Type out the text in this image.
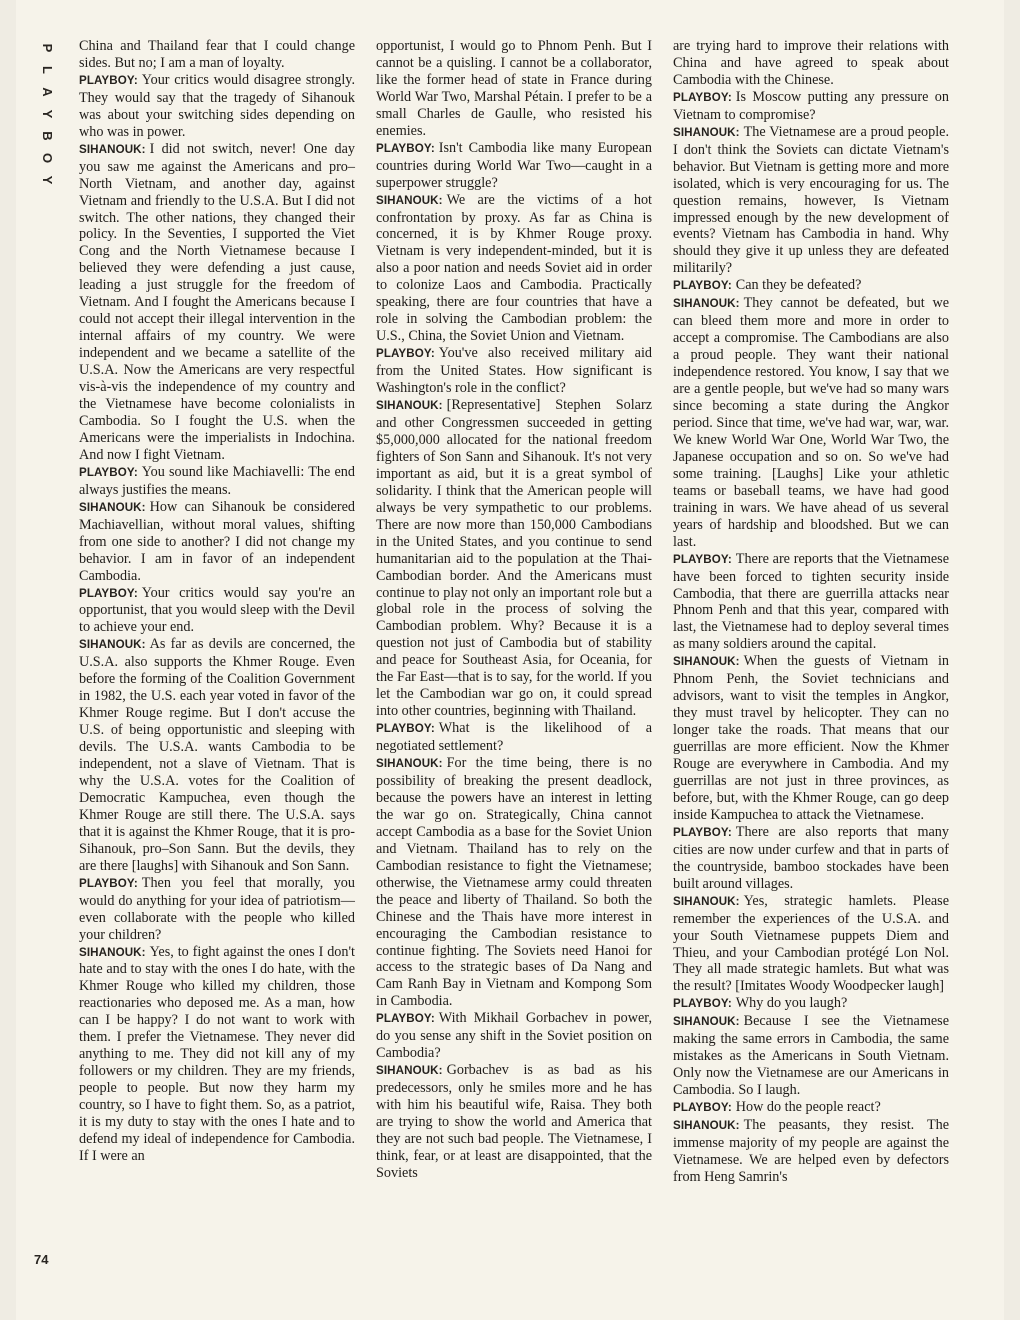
P
L
A
Y
B
O
Y

China and Thailand fear that I could change sides. But no; I am a man of loyalty.

PLAYBOY: Your critics would disagree strongly. They would say that the tragedy of Sihanouk was about your switching sides depending on who was in power.

SIHANOUK: I did not switch, never! One day you saw me against the Americans and pro–North Vietnam, and another day, against Vietnam and friendly to the U.S.A. But I did not switch. The other nations, they changed their policy. In the Seventies, I supported the Viet Cong and the North Vietnamese because I believed they were defending a just cause, leading a just struggle for the freedom of Vietnam. And I fought the Americans because I could not accept their illegal intervention in the internal affairs of my country. We were independent and we became a satellite of the U.S.A. Now the Americans are very respectful vis-à-vis the independence of my country and the Vietnamese have become colonialists in Cambodia. So I fought the U.S. when the Americans were the imperialists in Indochina. And now I fight Vietnam.

PLAYBOY: You sound like Machiavelli: The end always justifies the means.

SIHANOUK: How can Sihanouk be considered Machiavellian, without moral values, shifting from one side to another? I did not change my behavior. I am in favor of an independent Cambodia.

PLAYBOY: Your critics would say you're an opportunist, that you would sleep with the Devil to achieve your end.

SIHANOUK: As far as devils are concerned, the U.S.A. also supports the Khmer Rouge. Even before the forming of the Coalition Government in 1982, the U.S. each year voted in favor of the Khmer Rouge regime. But I don't accuse the U.S. of being opportunistic and sleeping with devils. The U.S.A. wants Cambodia to be independent, not a slave of Vietnam. That is why the U.S.A. votes for the Coalition of Democratic Kampuchea, even though the Khmer Rouge are still there. The U.S.A. says that it is against the Khmer Rouge, that it is pro-Sihanouk, pro–Son Sann. But the devils, they are there [laughs] with Sihanouk and Son Sann.

PLAYBOY: Then you feel that morally, you would do anything for your idea of patriotism—even collaborate with the people who killed your children?

SIHANOUK: Yes, to fight against the ones I don't hate and to stay with the ones I do hate, with the Khmer Rouge who killed my children, those reactionaries who deposed me. As a man, how can I be happy? I do not want to work with them. I prefer the Vietnamese. They never did anything to me. They did not kill any of my followers or my children. They are my friends, people to people. But now they harm my country, so I have to fight them. So, as a patriot, it is my duty to stay with the ones I hate and to defend my ideal of independence for Cambodia. If I were an

opportunist, I would go to Phnom Penh. But I cannot be a quisling. I cannot be a collaborator, like the former head of state in France during World War Two, Marshal Pétain. I prefer to be a small Charles de Gaulle, who resisted his enemies.

PLAYBOY: Isn't Cambodia like many European countries during World War Two—caught in a superpower struggle?

SIHANOUK: We are the victims of a hot confrontation by proxy. As far as China is concerned, it is by Khmer Rouge proxy. Vietnam is very independent-minded, but it is also a poor nation and needs Soviet aid in order to colonize Laos and Cambodia. Practically speaking, there are four countries that have a role in solving the Cambodian problem: the U.S., China, the Soviet Union and Vietnam.

PLAYBOY: You've also received military aid from the United States. How significant is Washington's role in the conflict?

SIHANOUK: [Representative] Stephen Solarz and other Congressmen succeeded in getting $5,000,000 allocated for the national freedom fighters of Son Sann and Sihanouk. It's not very important as aid, but it is a great symbol of solidarity. I think that the American people will always be very sympathetic to our problems. There are now more than 150,000 Cambodians in the United States, and you continue to send humanitarian aid to the population at the Thai-Cambodian border. And the Americans must continue to play not only an important role but a global role in the process of solving the Cambodian problem. Why? Because it is a question not just of Cambodia but of stability and peace for Southeast Asia, for Oceania, for the Far East—that is to say, for the world. If you let the Cambodian war go on, it could spread into other countries, beginning with Thailand.

PLAYBOY: What is the likelihood of a negotiated settlement?

SIHANOUK: For the time being, there is no possibility of breaking the present deadlock, because the powers have an interest in letting the war go on. Strategically, China cannot accept Cambodia as a base for the Soviet Union and Vietnam. Thailand has to rely on the Cambodian resistance to fight the Vietnamese; otherwise, the Vietnamese army could threaten the peace and liberty of Thailand. So both the Chinese and the Thais have more interest in encouraging the Cambodian resistance to continue fighting. The Soviets need Hanoi for access to the strategic bases of Da Nang and Cam Ranh Bay in Vietnam and Kompong Som in Cambodia.

PLAYBOY: With Mikhail Gorbachev in power, do you sense any shift in the Soviet position on Cambodia?

SIHANOUK: Gorbachev is as bad as his predecessors, only he smiles more and he has with him his beautiful wife, Raisa. They both are trying to show the world and America that they are not such bad people. The Vietnamese, I think, fear, or at least are disappointed, that the Soviets

are trying hard to improve their relations with China and have agreed to speak about Cambodia with the Chinese.

PLAYBOY: Is Moscow putting any pressure on Vietnam to compromise?

SIHANOUK: The Vietnamese are a proud people. I don't think the Soviets can dictate Vietnam's behavior. But Vietnam is getting more and more isolated, which is very encouraging for us. The question remains, however, Is Vietnam impressed enough by the new development of events? Vietnam has Cambodia in hand. Why should they give it up unless they are defeated militarily?

PLAYBOY: Can they be defeated?

SIHANOUK: They cannot be defeated, but we can bleed them more and more in order to accept a compromise. The Cambodians are also a proud people. They want their national independence restored. You know, I say that we are a gentle people, but we've had so many wars since becoming a state during the Angkor period. Since that time, we've had war, war, war. We knew World War One, World War Two, the Japanese occupation and so on. So we've had some training. [Laughs] Like your athletic teams or baseball teams, we have had good training in wars. We have ahead of us several years of hardship and bloodshed. But we can last.

PLAYBOY: There are reports that the Vietnamese have been forced to tighten security inside Cambodia, that there are guerrilla attacks near Phnom Penh and that this year, compared with last, the Vietnamese had to deploy several times as many soldiers around the capital.

SIHANOUK: When the guests of Vietnam in Phnom Penh, the Soviet technicians and advisors, want to visit the temples in Angkor, they must travel by helicopter. They can no longer take the roads. That means that our guerrillas are more efficient. Now the Khmer Rouge are everywhere in Cambodia. And my guerrillas are not just in three provinces, as before, but, with the Khmer Rouge, can go deep inside Kampuchea to attack the Vietnamese.

PLAYBOY: There are also reports that many cities are now under curfew and that in parts of the countryside, bamboo stockades have been built around villages.

SIHANOUK: Yes, strategic hamlets. Please remember the experiences of the U.S.A. and your South Vietnamese puppets Diem and Thieu, and your Cambodian protégé Lon Nol. They all made strategic hamlets. But what was the result? [Imitates Woody Woodpecker laugh]

PLAYBOY: Why do you laugh?

SIHANOUK: Because I see the Vietnamese making the same errors in Cambodia, the same mistakes as the Americans in South Vietnam. Only now the Vietnamese are our Americans in Cambodia. So I laugh.

PLAYBOY: How do the people react?

SIHANOUK: The peasants, they resist. The immense majority of my people are against the Vietnamese. We are helped even by defectors from Heng Samrin's

74
